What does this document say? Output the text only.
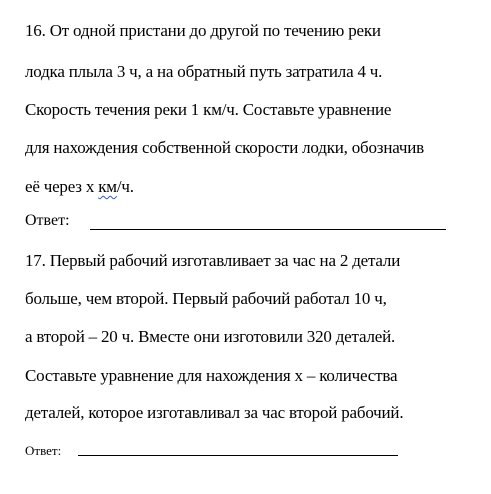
16. От одной пристани до другой по течению реки
лодка плыла 3 ч, а на обратный путь затратила 4 ч.
Скорость течения реки 1 км/ч. Составьте уравнение
для нахождения собственной скорости лодки, обозначив
её через х км/ч.
Ответ:
17. Первый рабочий изготавливает за час на 2 детали
больше, чем второй. Первый рабочий работал 10 ч,
а второй – 20 ч. Вместе они изготовили 320 деталей.
Составьте уравнение для нахождения х – количества
деталей, которое изготавливал за час второй рабочий.
Ответ:
